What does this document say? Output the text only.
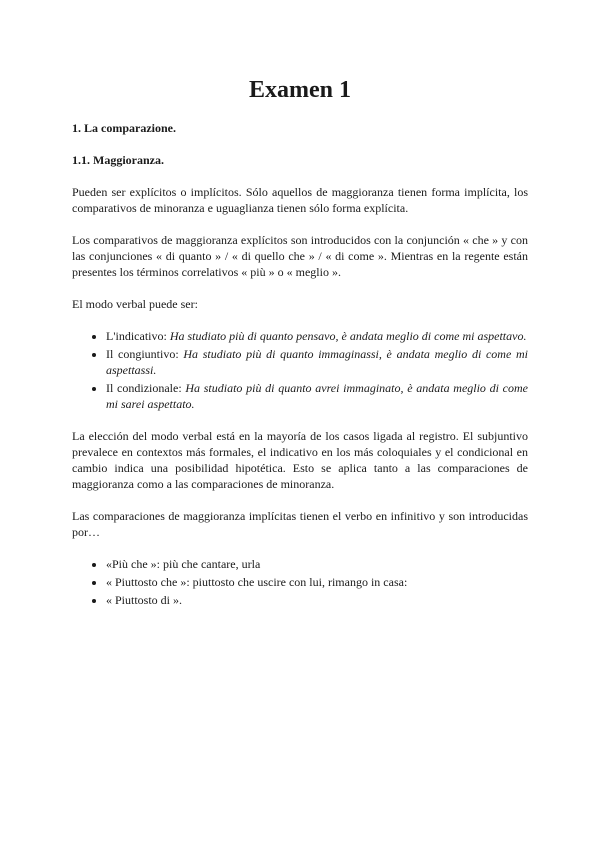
Examen 1
1. La comparazione.
1.1. Maggioranza.

Pueden ser explícitos o implícitos. Sólo aquellos de maggioranza tienen forma implícita, los comparativos de minoranza e uguaglianza tienen sólo forma explícita.

Los comparativos de maggioranza explícitos son introducidos con la conjunción « che » y con las conjunciones « di quanto » / « di quello che » / « di come ». Mientras en la regente están presentes los términos correlativos « più » o « meglio ».

El modo verbal puede ser:

• L'indicativo: Ha studiato più di quanto pensavo, è andata meglio di come mi aspettavo.
• Il congiuntivo: Ha studiato più di quanto immaginassi, è andata meglio di come mi aspettassi.
• Il condizionale: Ha studiato più di quanto avrei immaginato, è andata meglio di come mi sarei aspettato.

La elección del modo verbal está en la mayoría de los casos ligada al registro. El subjuntivo prevalece en contextos más formales, el indicativo en los más coloquiales y el condicional en cambio indica una posibilidad hipotética. Esto se aplica tanto a las comparaciones de maggioranza como a las comparaciones de minoranza.

Las comparaciones de maggioranza implícitas tienen el verbo en infinitivo y son introducidas por…

• «Più che »: più che cantare, urla
• « Piuttosto che »: piuttosto che uscire con lui, rimango in casa:
• « Piuttosto di ».
